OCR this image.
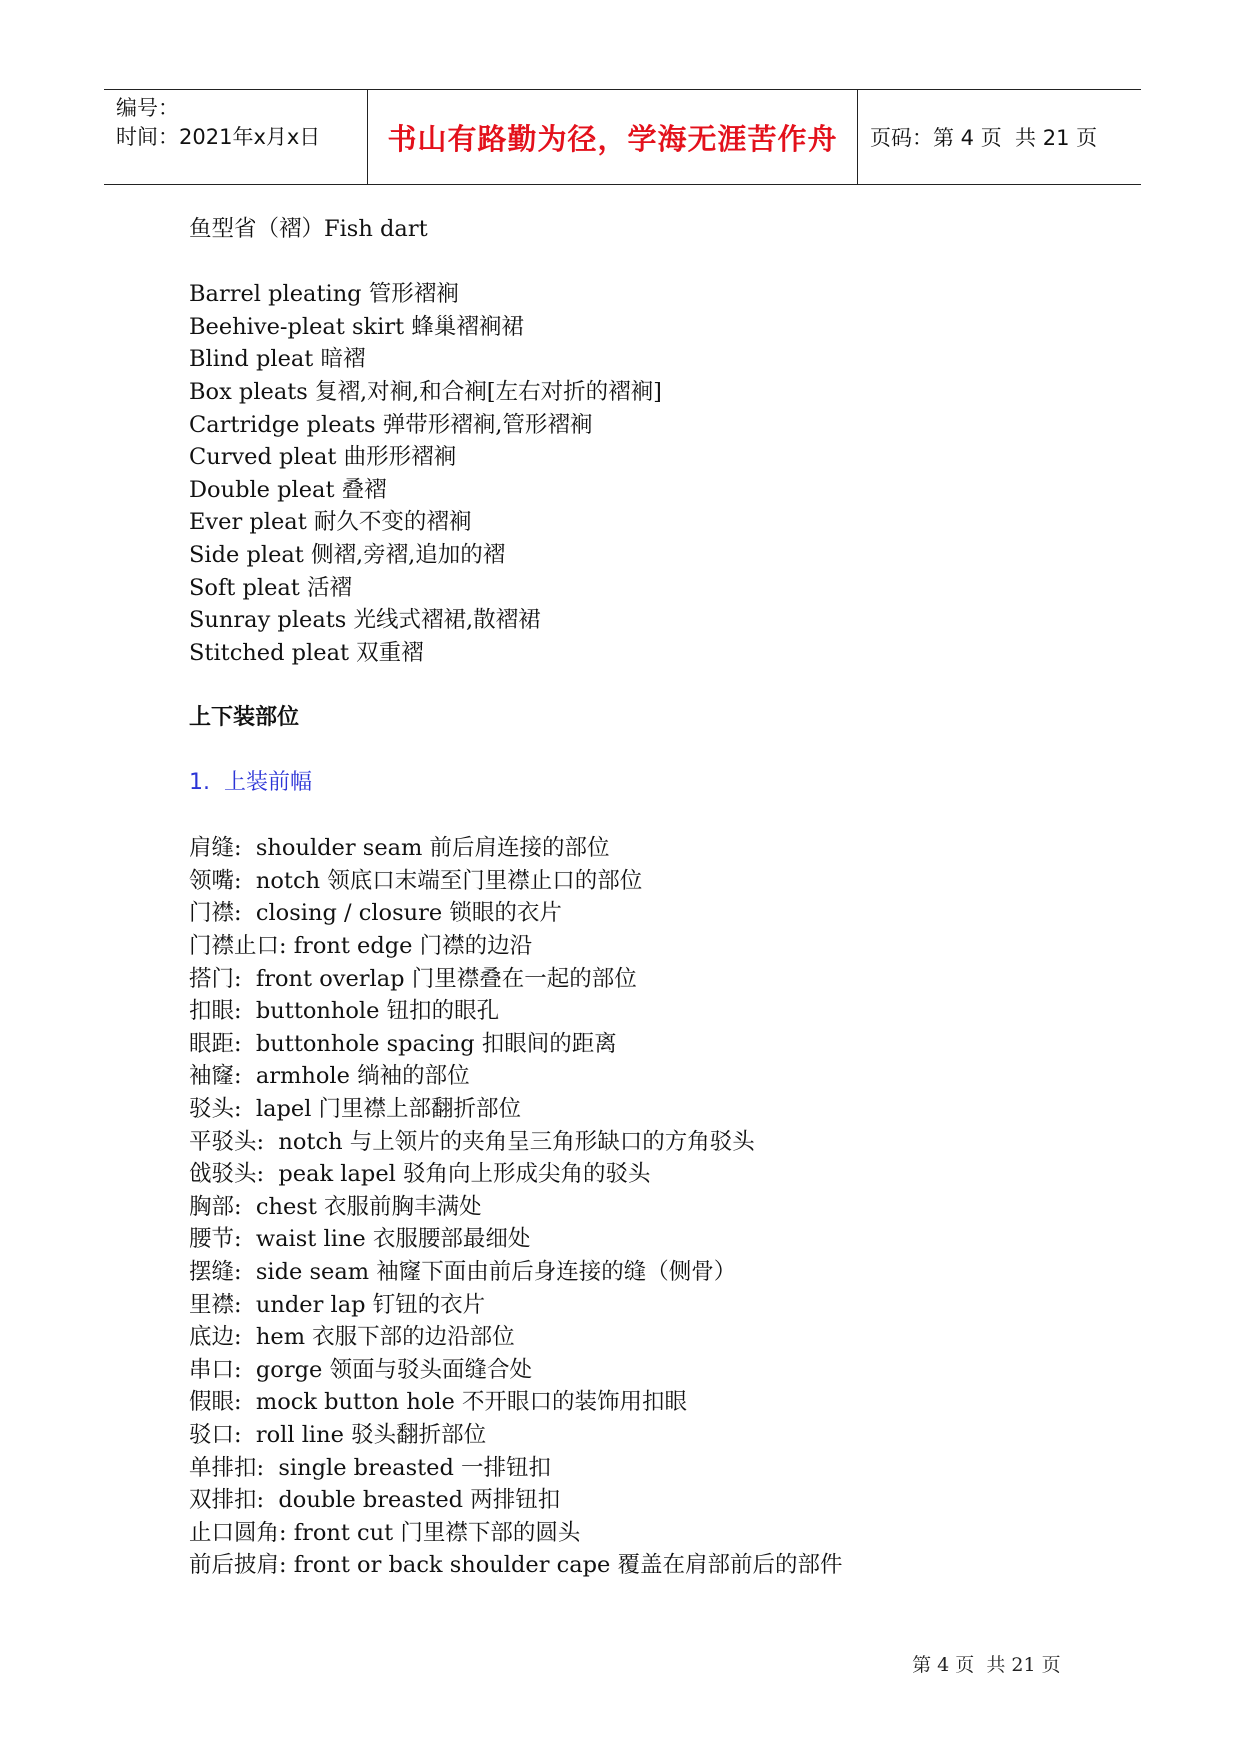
编号：
时间：2021年x月x日	书山有路勤为径，学海无涯苦作舟 页码：第 4 页  共 21 页
鱼型省（褶）Fish dart
Barrel pleating 管形褶裥
Beehive-pleat skirt 蜂巢褶裥裙
Blind pleat 暗褶
Box pleats 复褶,对裥,和合裥[左右对折的褶裥]
Cartridge pleats 弹带形褶裥,管形褶裥
Curved pleat 曲形形褶裥
Double pleat 叠褶
Ever pleat 耐久不变的褶裥
Side pleat 侧褶,旁褶,追加的褶
Soft pleat 活褶
Sunray pleats 光线式褶裙,散褶裙
Stitched pleat 双重褶
上下装部位
1.  上装前幅
肩缝:  shoulder seam 前后肩连接的部位
领嘴:  notch 领底口末端至门里襟止口的部位
门襟:  closing / closure 锁眼的衣片
门襟止口: front edge 门襟的边沿
搭门:  front overlap 门里襟叠在一起的部位
扣眼:  buttonhole 钮扣的眼孔
眼距:  buttonhole spacing 扣眼间的距离
袖窿:  armhole 绱袖的部位
驳头:  lapel 门里襟上部翻折部位
平驳头:  notch 与上领片的夹角呈三角形缺口的方角驳头
戗驳头:  peak lapel 驳角向上形成尖角的驳头
胸部:  chest 衣服前胸丰满处
腰节:  waist line 衣服腰部最细处
摆缝:  side seam 袖窿下面由前后身连接的缝（侧骨）
里襟:  under lap 钉钮的衣片
底边:  hem 衣服下部的边沿部位
串口:  gorge 领面与驳头面缝合处
假眼:  mock button hole 不开眼口的装饰用扣眼
驳口:  roll line 驳头翻折部位
单排扣:  single breasted 一排钮扣
双排扣:  double breasted 两排钮扣
止口圆角: front cut 门里襟下部的圆头
前后披肩: front or back shoulder cape 覆盖在肩部前后的部件

第 4 页  共 21 页
